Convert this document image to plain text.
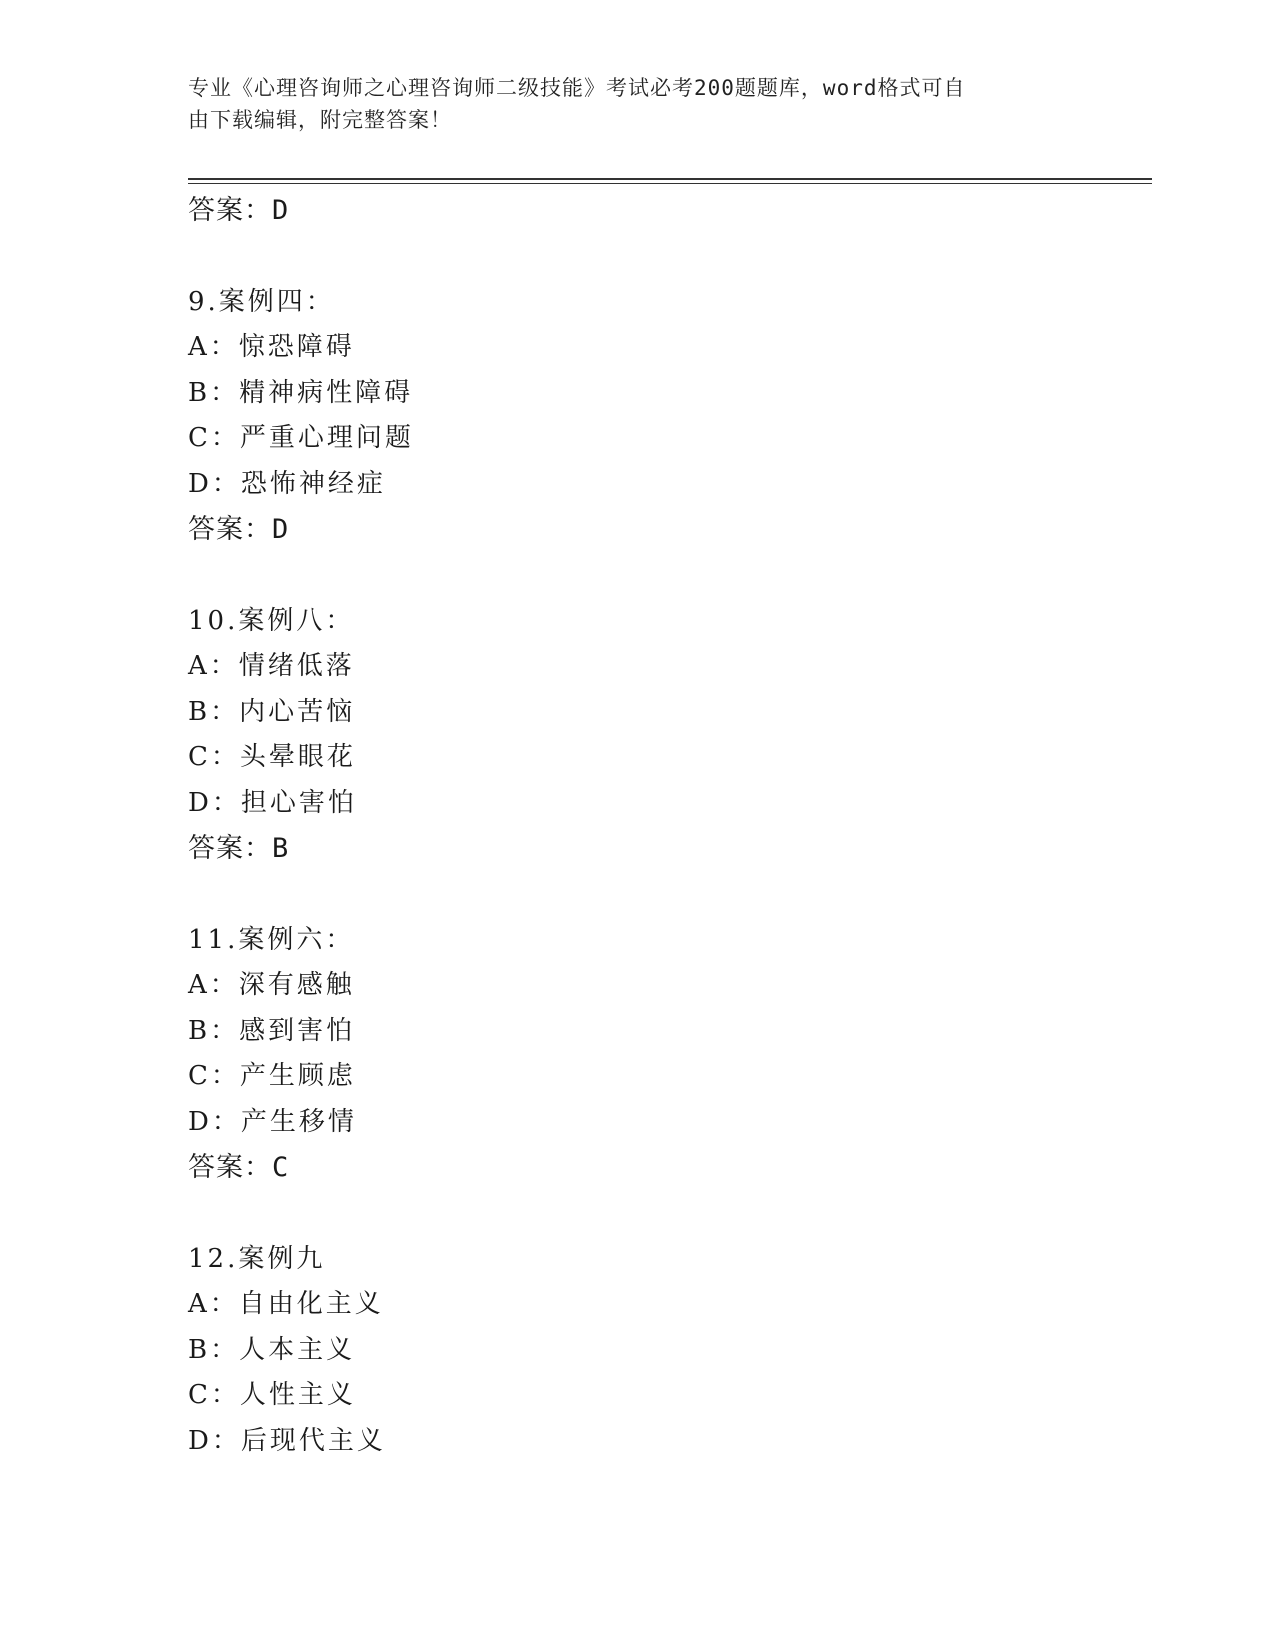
专业《心理咨询师之心理咨询师二级技能》考试必考200题题库，word格式可自
由下载编辑，附完整答案！
答案：D
9.案例四：
A：惊恐障碍
B：精神病性障碍
C：严重心理问题
D：恐怖神经症
答案：D
10.案例八：
A：情绪低落
B：内心苦恼
C：头晕眼花
D：担心害怕
答案：B
11.案例六：
A：深有感触
B：感到害怕
C：产生顾虑
D：产生移情
答案：C
12.案例九
A：自由化主义
B：人本主义
C：人性主义
D：后现代主义
